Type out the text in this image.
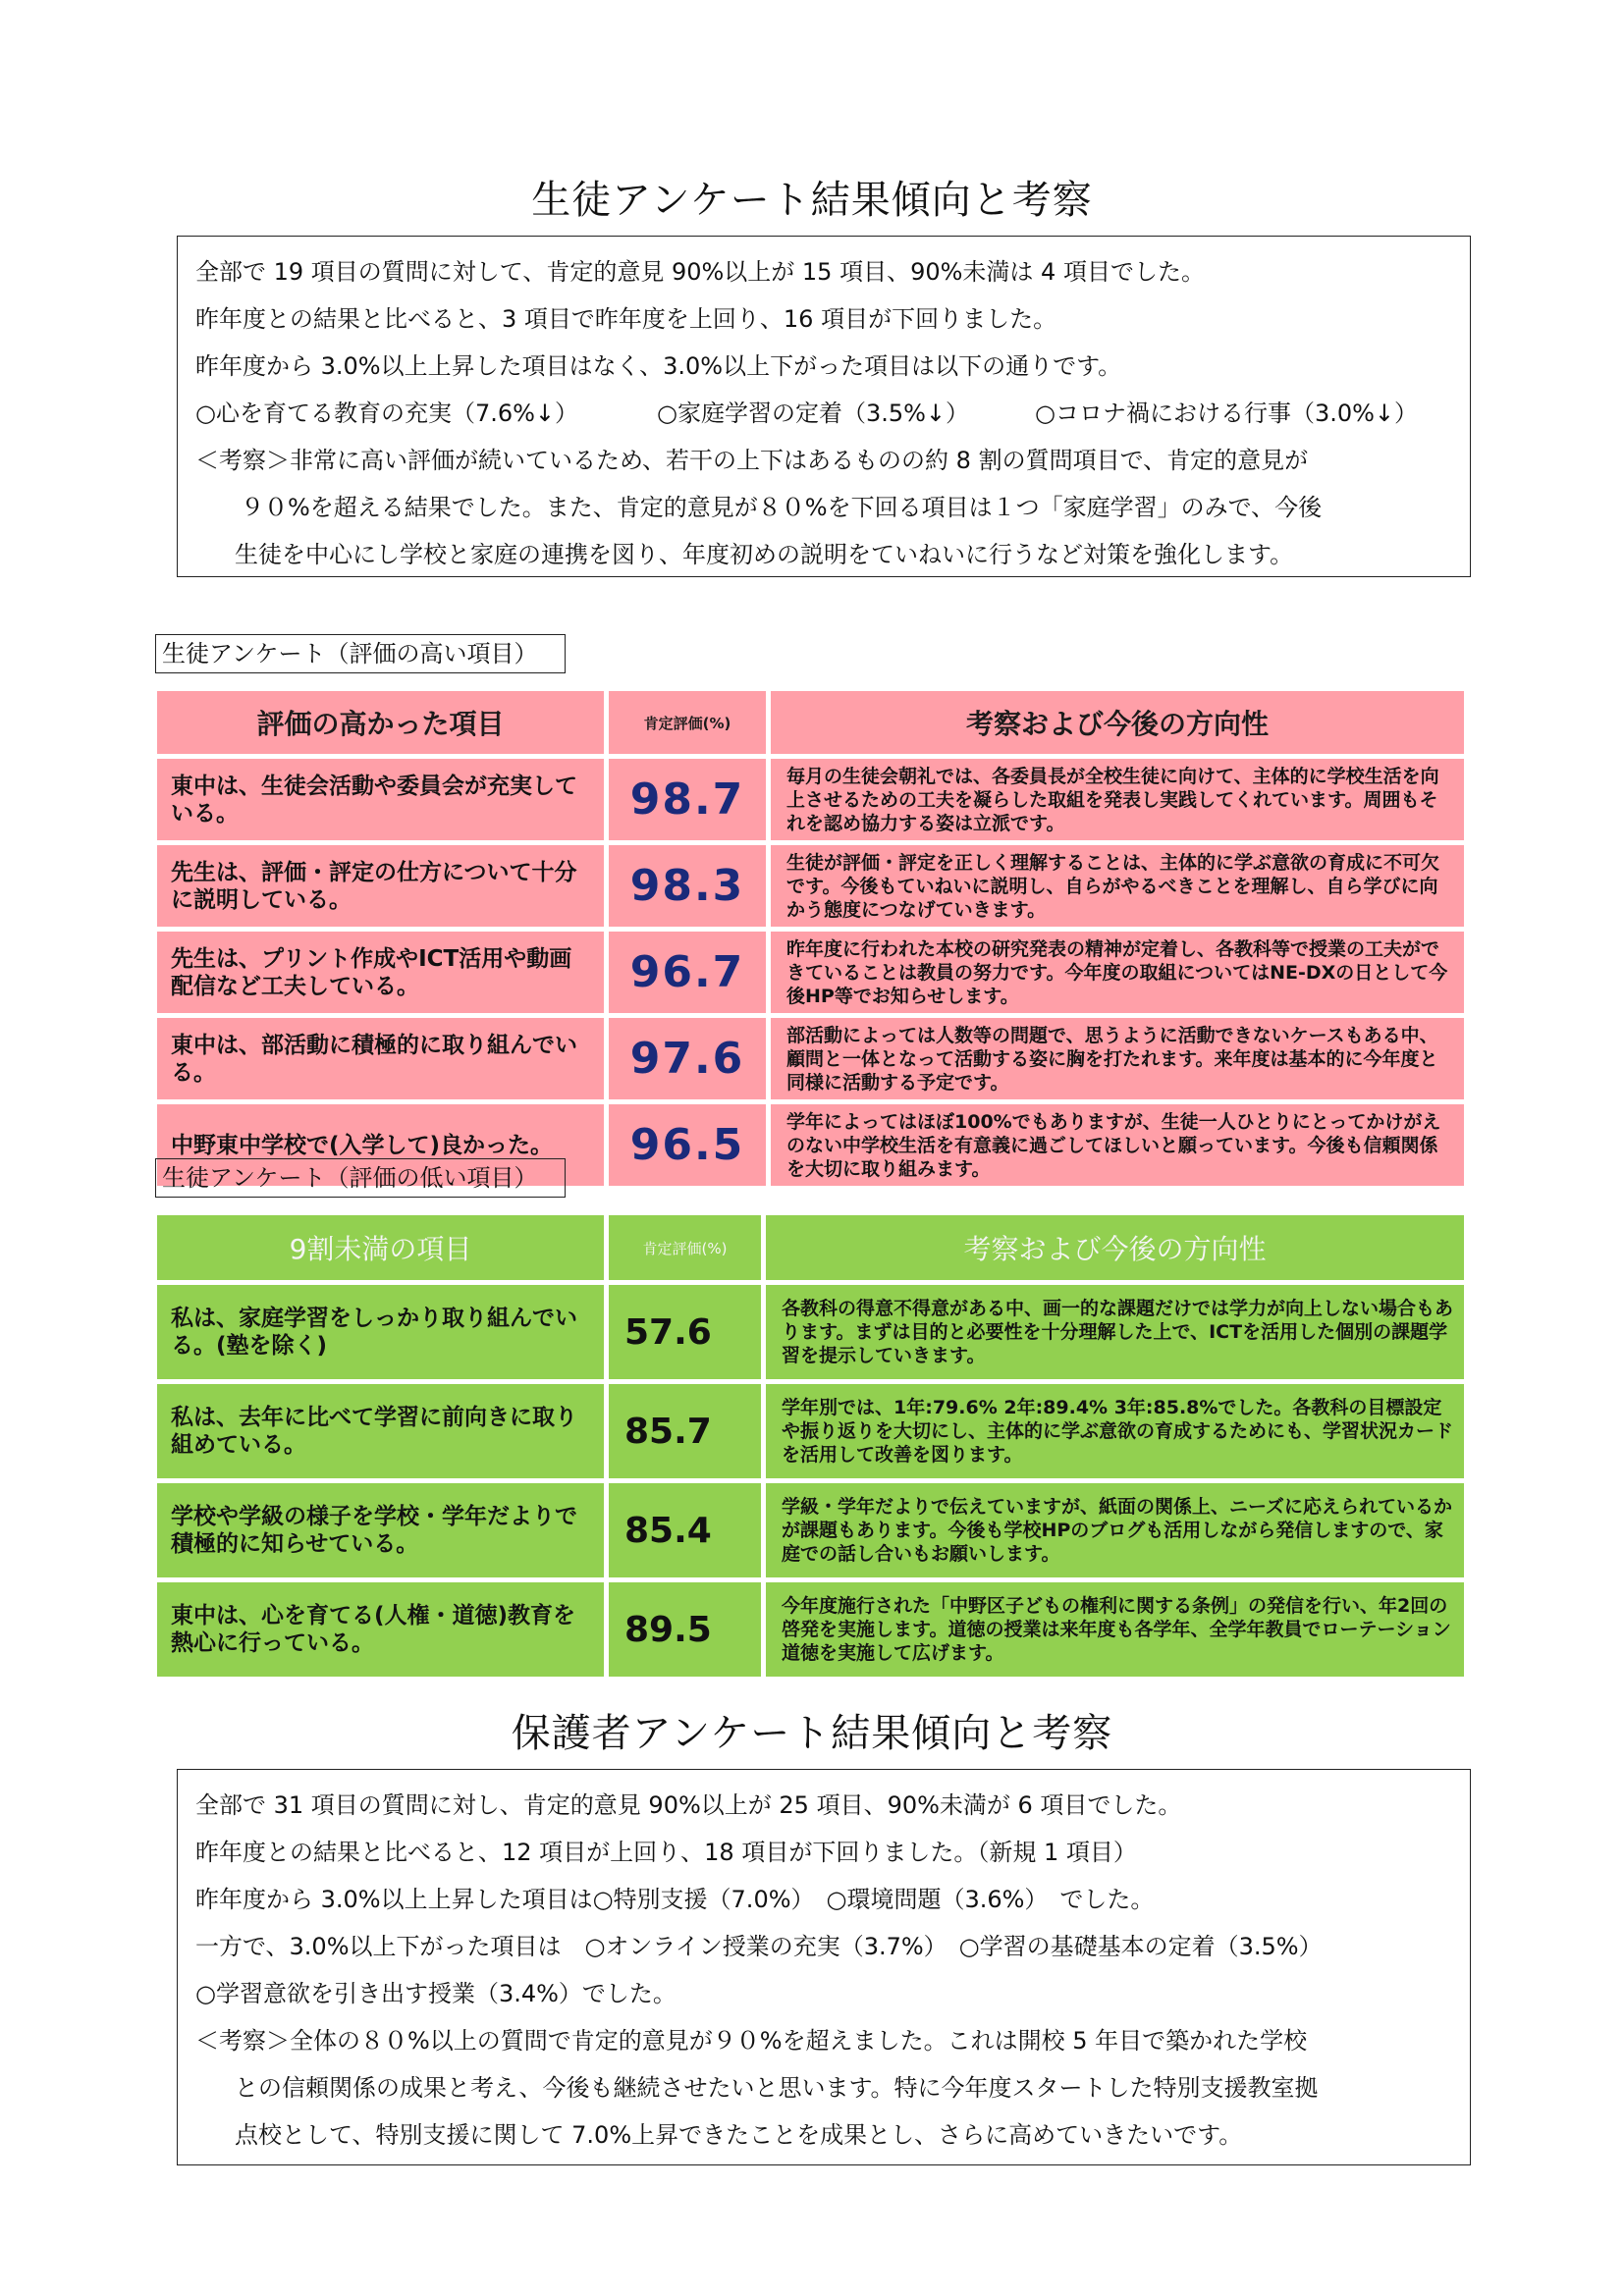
生徒アンケート結果傾向と考察

全部で 19 項目の質問に対して、肯定的意見 90%以上が 15 項目、90%未満は 4 項目でした。

昨年度との結果と比べると、3 項目で昨年度を上回り、16 項目が下回りました。

昨年度から 3.0%以上上昇した項目はなく、3.0%以上下がった項目は以下の通りです。

○心を育てる教育の充実（7.6%↓）	○家庭学習の定着（3.5%↓）	○コロナ禍における行事（3.0%↓）

＜考察＞非常に高い評価が続いているため、若干の上下はあるものの約 8 割の質問項目で、肯定的意見が

９０%を超える結果でした。また、肯定的意見が８０%を下回る項目は１つ「家庭学習」のみで、今後

生徒を中心にし学校と家庭の連携を図り、年度初めの説明をていねいに行うなど対策を強化します。

生徒アンケート（評価の高い項目）
評価の高かった項目	肯定評価(%)	考察および今後の方向性
東中は、生徒会活動や委員会が充実している。	98.7	毎月の生徒会朝礼では、各委員長が全校生徒に向けて、主体的に学校生活を向上させるための工夫を凝らした取組を発表し実践してくれています。周囲もそれを認め協力する姿は立派です。
先生は、評価・評定の仕方について十分に説明している。	98.3	生徒が評価・評定を正しく理解することは、主体的に学ぶ意欲の育成に不可欠です。今後もていねいに説明し、自らがやるべきことを理解し、自ら学びに向かう態度につなげていきます。
先生は、プリント作成やICT活用や動画配信など工夫している。	96.7	昨年度に行われた本校の研究発表の精神が定着し、各教科等で授業の工夫ができていることは教員の努力です。今年度の取組についてはNE-DXの日として今後HP等でお知らせします。
東中は、部活動に積極的に取り組んでいる。	97.6	部活動によっては人数等の問題で、思うように活動できないケースもある中、顧問と一体となって活動する姿に胸を打たれます。来年度は基本的に今年度と同様に活動する予定です。
中野東中学校で(入学して)良かった。	96.5	学年によってはほぼ100%でもありますが、生徒一人ひとりにとってかけがえのない中学校生活を有意義に過ごしてほしいと願っています。今後も信頼関係を大切に取り組みます。
生徒アンケート（評価の低い項目）
9割未満の項目	肯定評価(%)	考察および今後の方向性
私は、家庭学習をしっかり取り組んでいる。(塾を除く)	57.6	各教科の得意不得意がある中、画一的な課題だけでは学力が向上しない場合もあります。まずは目的と必要性を十分理解した上で、ICTを活用した個別の課題学習を提示していきます。
私は、去年に比べて学習に前向きに取り組めている。	85.7	学年別では、1年:79.6% 2年:89.4% 3年:85.8%でした。各教科の目標設定や振り返りを大切にし、主体的に学ぶ意欲の育成するためにも、学習状況カードを活用して改善を図ります。
学校や学級の様子を学校・学年だよりで積極的に知らせている。	85.4	学級・学年だよりで伝えていますが、紙面の関係上、ニーズに応えられているかが課題もあります。今後も学校HPのブログも活用しながら発信しますので、家庭での話し合いもお願いします。
東中は、心を育てる(人権・道徳)教育を熱心に行っている。	89.5	今年度施行された「中野区子どもの権利に関する条例」の発信を行い、年2回の啓発を実施します。道徳の授業は来年度も各学年、全学年教員でローテーション道徳を実施して広げます。
保護者アンケート結果傾向と考察

全部で 31 項目の質問に対し、肯定的意見 90%以上が 25 項目、90%未満が 6 項目でした。

昨年度との結果と比べると、12 項目が上回り、18 項目が下回りました。（新規 1 項目）

昨年度から 3.0%以上上昇した項目は○特別支援（7.0%）　○環境問題（3.6%）　でした。

一方で、3.0%以上下がった項目は　○オンライン授業の充実（3.7%）　○学習の基礎基本の定着（3.5%）

○学習意欲を引き出す授業（3.4%）でした。

＜考察＞全体の８０%以上の質問で肯定的意見が９０%を超えました。これは開校 5 年目で築かれた学校

との信頼関係の成果と考え、今後も継続させたいと思います。特に今年度スタートした特別支援教室拠

点校として、特別支援に関して 7.0%上昇できたことを成果とし、さらに高めていきたいです。
